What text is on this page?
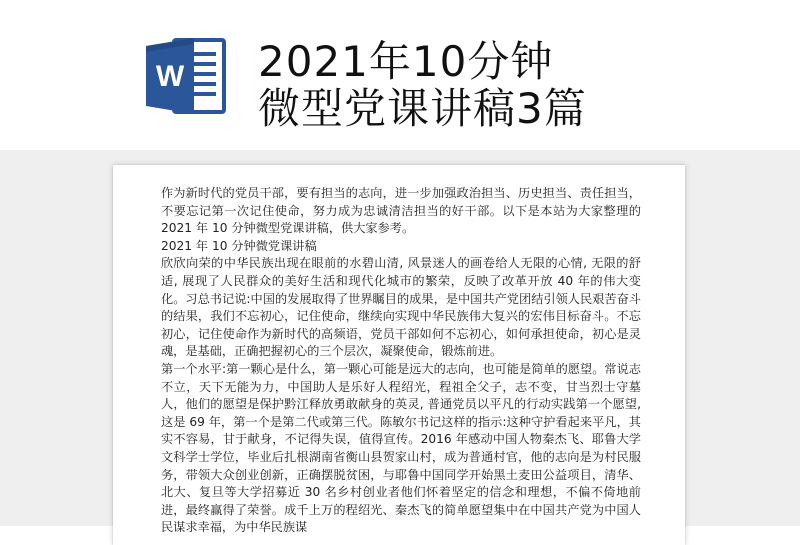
W 2021年10分钟
微型党课讲稿3篇

作为新时代的党员干部，要有担当的志向，进一步加强政治担当、历史担当、责任担当，不要忘记第一次记住使命，努力成为忠诚清洁担当的好干部。以下是本站为大家整理的 2021 年 10 分钟微型党课讲稿，供大家参考。

2021 年 10 分钟微党课讲稿

欣欣向荣的中华民族出现在眼前的水碧山清, 风景迷人的画卷给人无限的心情, 无限的舒适, 展现了人民群众的美好生活和现代化城市的繁荣，反映了改革开放 40 年的伟大变化。习总书记说:中国的发展取得了世界瞩目的成果，是中国共产党团结引领人民艰苦奋斗的结果，我们不忘初心，记住使命，继续向实现中华民族伟大复兴的宏伟目标奋斗。不忘初心，记住使命作为新时代的高频语，党员干部如何不忘初心，如何承担使命，初心是灵魂，是基础，正确把握初心的三个层次，凝聚使命，锻炼前进。

第一个水平:第一颗心是什么，第一颗心可能是远大的志向，也可能是简单的愿望。常说志不立，天下无能为力，中国助人是乐好人程绍光，程祖全父子，志不变，甘当烈士守墓人，他们的愿望是保护黔江释放勇敢献身的英灵, 普通党员以平凡的行动实践第一个愿望, 这是 69 年，第一个是第二代或第三代。陈敏尔书记这样的指示:这种守护看起来平凡，其实不容易，甘于献身，不记得失误，值得宣传。2016 年感动中国人物秦杰飞、耶鲁大学文科学士学位，毕业后扎根湖南省衡山县贺家山村，成为普通村官，他的志向是为村民服务，带领大众创业创新，正确摆脱贫困，与耶鲁中国同学开始黑土麦田公益项目，清华、北大、复旦等大学招募近 30 名乡村创业者他们怀着坚定的信念和理想，不偏不倚地前进，最终赢得了荣誉。成千上万的程绍光、秦杰飞的简单愿望集中在中国共产党为中国人民谋求幸福，为中华民族谋
